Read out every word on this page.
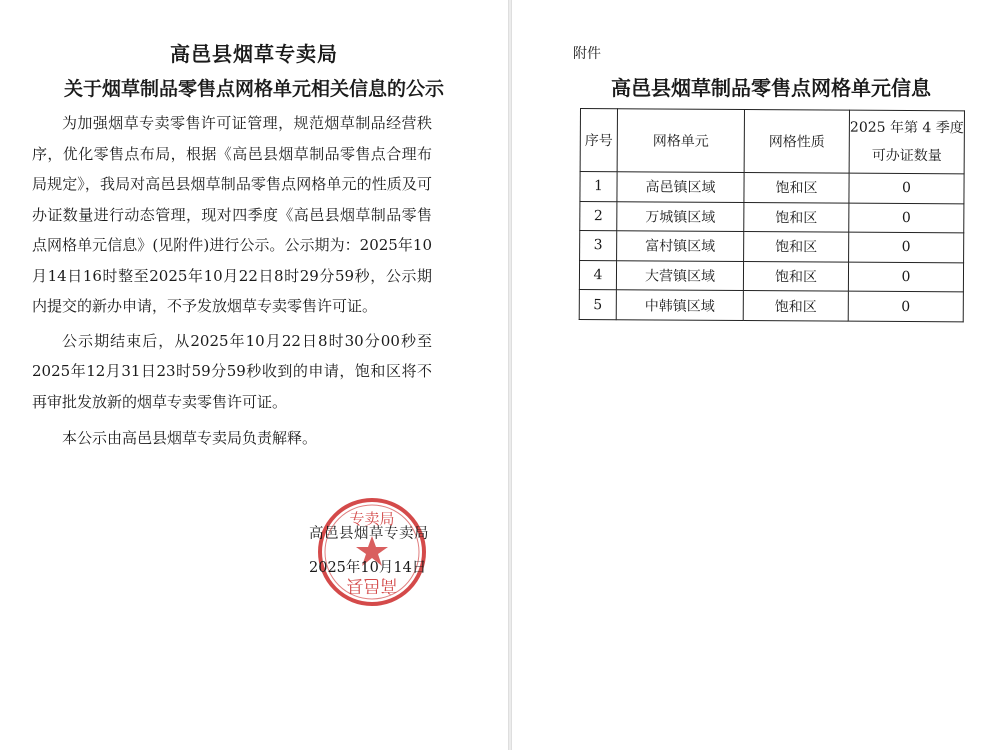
高邑县烟草专卖局
关于烟草制品零售点网格单元相关信息的公示

为加强烟草专卖零售许可证管理，规范烟草制品经营秩序，优化零售点布局，根据《高邑县烟草制品零售点合理布局规定》，我局对高邑县烟草制品零售点网格单元的性质及可办证数量进行动态管理，现对四季度《高邑县烟草制品零售点网格单元信息》(见附件)进行公示。公示期为：2025年10月14日16时整至2025年10月22日8时29分59秒，公示期内提交的新办申请，不予发放烟草专卖零售许可证。

公示期结束后，从2025年10月22日8时30分00秒至2025年12月31日23时59分59秒收到的申请，饱和区将不再审批发放新的烟草专卖零售许可证。

本公示由高邑县烟草专卖局负责解释。

专卖局
高邑县
高邑县烟草专卖局
2025年10月14日
附件
高邑县烟草制品零售点网格单元信息
序号	网格单元	网格性质	2025 年第 4 季度
可办证数量
1	高邑镇区域	饱和区	0
2	万城镇区域	饱和区	0
3	富村镇区域	饱和区	0
4	大营镇区域	饱和区	0
5	中韩镇区域	饱和区	0
